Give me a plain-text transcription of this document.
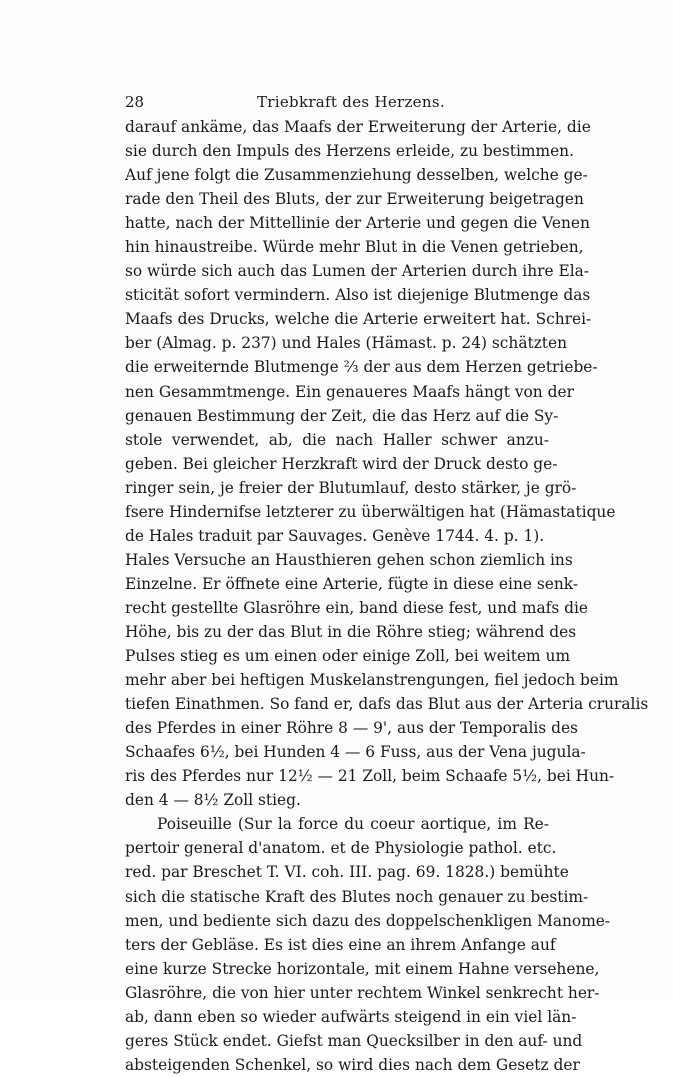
28	Triebkraft des Herzens.
darauf ankäme, das Maafs der Erweiterung der Arterie, die
sie durch den Impuls des Herzens erleide, zu bestimmen.
Auf jene folgt die Zusammenziehung desselben, welche ge-
rade den Theil des Bluts, der zur Erweiterung beigetragen
hatte, nach der Mittellinie der Arterie und gegen die Venen
hin hinaustreibe. Würde mehr Blut in die Venen getrieben,
so würde sich auch das Lumen der Arterien durch ihre Ela-
sticität sofort vermindern. Also ist diejenige Blutmenge das
Maafs des Drucks, welche die Arterie erweitert hat. Schrei-
ber (Almag. p. 237) und Hales (Hämast. p. 24) schätzten
die erweiternde Blutmenge ⅔ der aus dem Herzen getriebe-
nen Gesammtmenge. Ein genaueres Maafs hängt von der
genauen Bestimmung der Zeit, die das Herz auf die Sy-
stole verwendet, ab, die nach Haller schwer anzu-
geben. Bei gleicher Herzkraft wird der Druck desto ge-
ringer sein, je freier der Blutumlauf, desto stärker, je grö-
fsere Hindernifse letzterer zu überwältigen hat (Hämastatique
de Hales traduit par Sauvages. Genève 1744. 4. p. 1).
Hales Versuche an Hausthieren gehen schon ziemlich ins
Einzelne. Er öffnete eine Arterie, fügte in diese eine senk-
recht gestellte Glasröhre ein, band diese fest, und mafs die
Höhe, bis zu der das Blut in die Röhre stieg; während des
Pulses stieg es um einen oder einige Zoll, bei weitem um
mehr aber bei heftigen Muskelanstrengungen, fiel jedoch beim
tiefen Einathmen. So fand er, dafs das Blut aus der Arteria cruralis
des Pferdes in einer Röhre 8 — 9', aus der Temporalis des
Schaafes 6½, bei Hunden 4 — 6 Fuss, aus der Vena jugula-
ris des Pferdes nur 12½ — 21 Zoll, beim Schaafe 5½, bei Hun-
den 4 — 8½ Zoll stieg.
Poiseuille (Sur la force du coeur aortique, im Re-
pertoir general d'anatom. et de Physiologie pathol. etc.
red. par Breschet T. VI. coh. III. pag. 69. 1828.) bemühte
sich die statische Kraft des Blutes noch genauer zu bestim-
men, und bediente sich dazu des doppelschenkligen Manome-
ters der Gebläse. Es ist dies eine an ihrem Anfange auf
eine kurze Strecke horizontale, mit einem Hahne versehene,
Glasröhre, die von hier unter rechtem Winkel senkrecht her-
ab, dann eben so wieder aufwärts steigend in ein viel län-
geres Stück endet. Giefst man Quecksilber in den auf- und
absteigenden Schenkel, so wird dies nach dem Gesetz der
